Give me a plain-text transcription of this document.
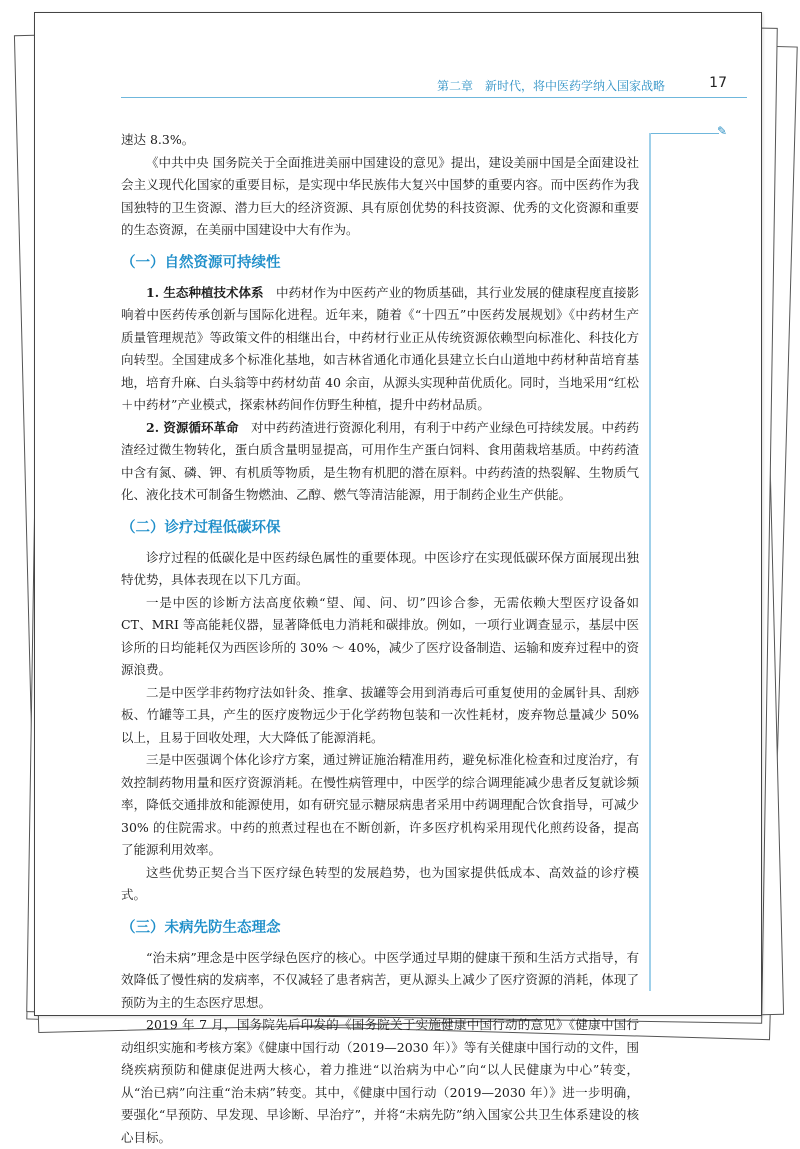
第二章　新时代，将中医药学纳入国家战略	17
✎

速达 8.3%。

《中共中央 国务院关于全面推进美丽中国建设的意见》提出，建设美丽中国是全面建设社会主义现代化国家的重要目标，是实现中华民族伟大复兴中国梦的重要内容。而中医药作为我国独特的卫生资源、潜力巨大的经济资源、具有原创优势的科技资源、优秀的文化资源和重要的生态资源，在美丽中国建设中大有作为。

（一）自然资源可持续性

1. 生态种植技术体系　中药材作为中医药产业的物质基础，其行业发展的健康程度直接影响着中医药传承创新与国际化进程。近年来，随着《“十四五”中医药发展规划》《中药材生产质量管理规范》等政策文件的相继出台，中药材行业正从传统资源依赖型向标准化、科技化方向转型。全国建成多个标准化基地，如吉林省通化市通化县建立长白山道地中药材种苗培育基地，培育升麻、白头翁等中药材幼苗 40 余亩，从源头实现种苗优质化。同时，当地采用“红松＋中药材”产业模式，探索林药间作仿野生种植，提升中药材品质。

2. 资源循环革命　对中药药渣进行资源化利用，有利于中药产业绿色可持续发展。中药药渣经过微生物转化，蛋白质含量明显提高，可用作生产蛋白饲料、食用菌栽培基质。中药药渣中含有氮、磷、钾、有机质等物质，是生物有机肥的潜在原料。中药药渣的热裂解、生物质气化、液化技术可制备生物燃油、乙醇、燃气等清洁能源，用于制药企业生产供能。

（二）诊疗过程低碳环保

诊疗过程的低碳化是中医药绿色属性的重要体现。中医诊疗在实现低碳环保方面展现出独特优势，具体表现在以下几方面。

一是中医的诊断方法高度依赖“望、闻、问、切”四诊合参，无需依赖大型医疗设备如 CT、MRI 等高能耗仪器，显著降低电力消耗和碳排放。例如，一项行业调查显示，基层中医诊所的日均能耗仅为西医诊所的 30% ～ 40%，减少了医疗设备制造、运输和废弃过程中的资源浪费。

二是中医学非药物疗法如针灸、推拿、拔罐等会用到消毒后可重复使用的金属针具、刮痧板、竹罐等工具，产生的医疗废物远少于化学药物包装和一次性耗材，废弃物总量减少 50% 以上，且易于回收处理，大大降低了能源消耗。

三是中医强调个体化诊疗方案，通过辨证施治精准用药，避免标准化检查和过度治疗，有效控制药物用量和医疗资源消耗。在慢性病管理中，中医学的综合调理能减少患者反复就诊频率，降低交通排放和能源使用，如有研究显示糖尿病患者采用中药调理配合饮食指导，可减少 30% 的住院需求。中药的煎煮过程也在不断创新，许多医疗机构采用现代化煎药设备，提高了能源利用效率。

这些优势正契合当下医疗绿色转型的发展趋势，也为国家提供低成本、高效益的诊疗模式。

（三）未病先防生态理念

“治未病”理念是中医学绿色医疗的核心。中医学通过早期的健康干预和生活方式指导，有效降低了慢性病的发病率，不仅减轻了患者病苦，更从源头上减少了医疗资源的消耗，体现了预防为主的生态医疗思想。

2019 年 7 月，国务院先后印发的《国务院关于实施健康中国行动的意见》《健康中国行动组织实施和考核方案》《健康中国行动（2019—2030 年）》等有关健康中国行动的文件，围绕疾病预防和健康促进两大核心，着力推进“以治病为中心”向“以人民健康为中心”转变，从“治已病”向注重“治未病”转变。其中，《健康中国行动（2019—2030 年）》进一步明确，要强化“早预防、早发现、早诊断、早治疗”，并将“未病先防”纳入国家公共卫生体系建设的核心目标。
